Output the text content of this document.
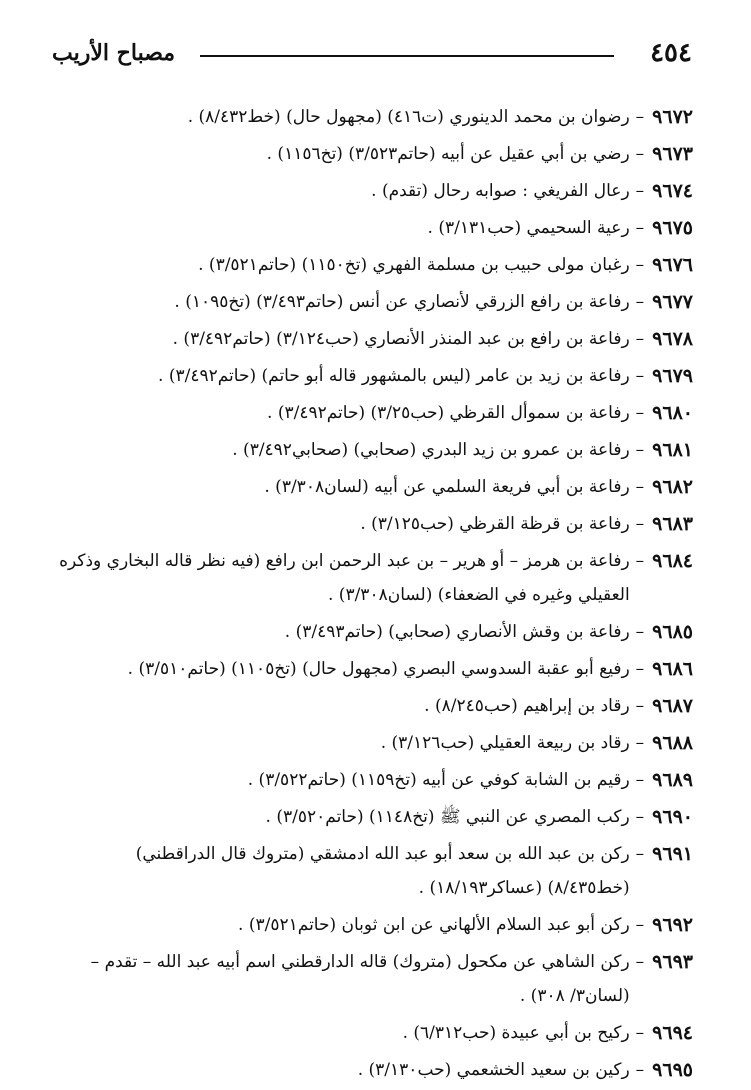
٤٥٤
مصباح الأريب
٩٦٧٢
–
رضوان بن محمد الدينوري (ت٤١٦) (مجهول حال) (خط٨/٤٣٢) .
٩٦٧٣
–
رضي بن أبي عقيل عن أبيه (حاتم٣/٥٢٣) (تخ١١٥٦) .
٩٦٧٤
–
رعال الفريغي : صوابه رحال (تقدم) .
٩٦٧٥
–
رعية السحيمي (حب٣/١٣١) .
٩٦٧٦
–
رغبان مولى حبيب بن مسلمة الفهري (تخ١١٥٠) (حاتم٣/٥٢١) .
٩٦٧٧
–
رفاعة بن رافع الزرقي لأنصاري عن أنس (حاتم٣/٤٩٣) (تخ١٠٩٥) .
٩٦٧٨
–
رفاعة بن رافع بن عبد المنذر الأنصاري (حب٣/١٢٤) (حاتم٣/٤٩٢) .
٩٦٧٩
–
رفاعة بن زيد بن عامر (ليس بالمشهور قاله أبو حاتم) (حاتم٣/٤٩٢) .
٩٦٨٠
–
رفاعة بن سموأل القرظي (حب٣/٢٥) (حاتم٣/٤٩٢) .
٩٦٨١
–
رفاعة بن عمرو بن زيد البدري (صحابي) (صحابي٣/٤٩٢) .
٩٦٨٢
–
رفاعة بن أبي فريعة السلمي عن أبيه (لسان٣/٣٠٨) .
٩٦٨٣
–
رفاعة بن قرظة القرظي (حب٣/١٢٥) .
٩٦٨٤
–
رفاعة بن هرمز – أو هرير – بن عبد الرحمن ابن رافع (فيه نظر قاله البخاري وذكره العقيلي وغيره في الضعفاء) (لسان٣/٣٠٨) .
٩٦٨٥
–
رفاعة بن وقش الأنصاري (صحابي) (حاتم٣/٤٩٣) .
٩٦٨٦
–
رفيع أبو عقبة السدوسي البصري (مجهول حال) (تخ١١٠٥) (حاتم٣/٥١٠) .
٩٦٨٧
–
رقاد بن إبراهيم (حب٨/٢٤٥) .
٩٦٨٨
–
رقاد بن ربيعة العقيلي (حب٣/١٢٦) .
٩٦٨٩
–
رقيم بن الشابة كوفي عن أبيه (تخ١١٥٩) (حاتم٣/٥٢٢) .
٩٦٩٠
–
ركب المصري عن النبي ﷺ (تخ١١٤٨) (حاتم٣/٥٢٠) .
٩٦٩١
–
ركن بن عبد الله بن سعد أبو عبد الله ادمشقي (متروك قال الدراقطني) (خط٨/٤٣٥) (عساكر١٨/١٩٣) .
٩٦٩٢
–
ركن أبو عبد السلام الألهاني عن ابن ثوبان (حاتم٣/٥٢١) .
٩٦٩٣
–
ركن الشاهي عن مكحول (متروك) قاله الدارقطني اسم أبيه عبد الله – تقدم – (لسان٣/ ٣٠٨) .
٩٦٩٤
–
ركيح بن أبي عبيدة (حب٦/٣١٢) .
٩٦٩٥
–
ركين بن سعيد الخشعمي (حب٣/١٣٠) .
